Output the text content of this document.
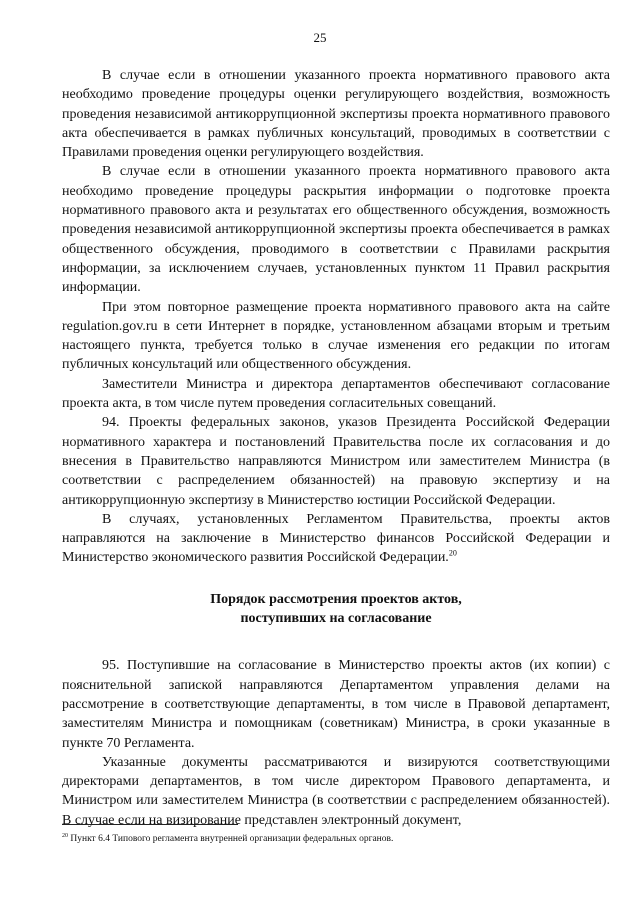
25

В случае если в отношении указанного проекта нормативного правового акта необходимо проведение процедуры оценки регулирующего воздействия, возможность проведения независимой антикоррупционной экспертизы проекта нормативного правового акта обеспечивается в рамках публичных консультаций, проводимых в соответствии с Правилами проведения оценки регулирующего воздействия.

В случае если в отношении указанного проекта нормативного правового акта необходимо проведение процедуры раскрытия информации о подготовке проекта нормативного правового акта и результатах его общественного обсуждения, возможность проведения независимой антикоррупционной экспертизы проекта обеспечивается в рамках общественного обсуждения, проводимого в соответствии с Правилами раскрытия информации, за исключением случаев, установленных пунктом 11 Правил раскрытия информации.

При этом повторное размещение проекта нормативного правового акта на сайте regulation.gov.ru в сети Интернет в порядке, установленном абзацами вторым и третьим настоящего пункта, требуется только в случае изменения его редакции по итогам публичных консультаций или общественного обсуждения.

Заместители Министра и директора департаментов обеспечивают согласование проекта акта, в том числе путем проведения согласительных совещаний.

94. Проекты федеральных законов, указов Президента Российской Федерации нормативного характера и постановлений Правительства после их согласования и до внесения в Правительство направляются Министром или заместителем Министра (в соответствии с распределением обязанностей) на правовую экспертизу и на антикоррупционную экспертизу в Министерство юстиции Российской Федерации.

В случаях, установленных Регламентом Правительства, проекты актов направляются на заключение в Министерство финансов Российской Федерации и Министерство экономического развития Российской Федерации.$^{20}$

Порядок рассмотрения проектов актов,
поступивших на согласование

95. Поступившие на согласование в Министерство проекты актов (их копии) с пояснительной запиской направляются Департаментом управления делами на рассмотрение в соответствующие департаменты, в том числе в Правовой департамент, заместителям Министра и помощникам (советникам) Министра, в сроки указанные в пункте 70 Регламента.

Указанные документы рассматриваются и визируются соответствующими директорами департаментов, в том числе директором Правового департамента, и Министром или заместителем Министра (в соответствии с распределением обязанностей). В случае если на визирование представлен электронный документ,

$^{20}$ Пункт 6.4 Типового регламента внутренней организации федеральных органов.
